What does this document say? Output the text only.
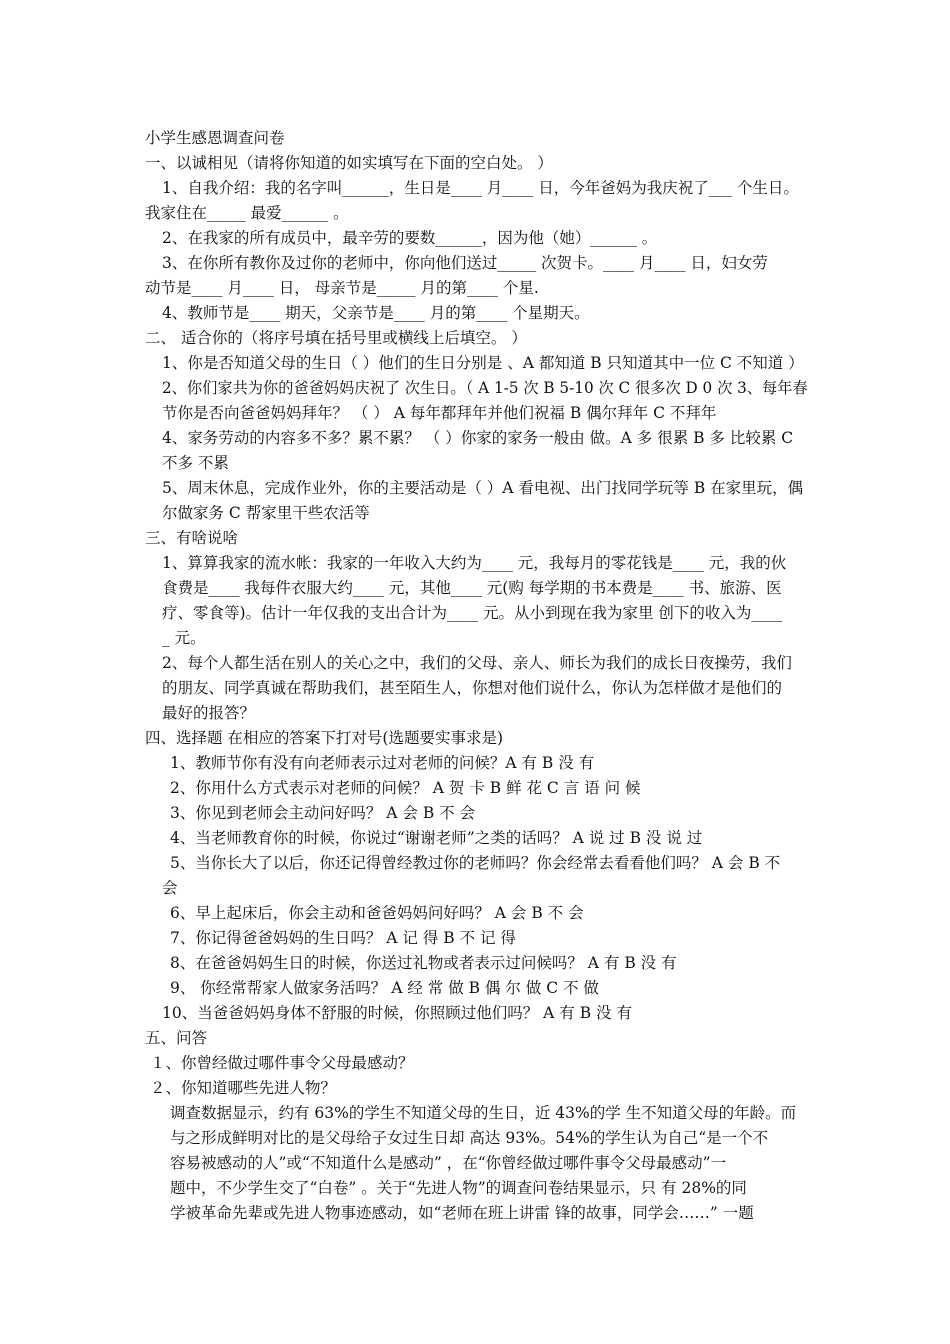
小学生感恩调查问卷
一、以诚相见（请将你知道的如实填写在下面的空白处。 ）
1、自我介绍：我的名字叫______，生日是____ 月____ 日，今年爸妈为我庆祝了___ 个生日。
我家住在_____ 最爱______ 。
2、在我家的所有成员中，最辛劳的要数______，因为他（她）______ 。
3、在你所有教你及过你的老师中，你向他们送过_____ 次贺卡。____ 月____ 日，妇女劳
动节是____ 月____ 日， 母亲节是_____ 月的第____ 个星.
4、教师节是____ 期天，父亲节是____ 月的第____ 个星期天。
二、 适合你的（将序号填在括号里或横线上后填空。 ）
1、你是否知道父母的生日（ ）他们的生日分别是 、A 都知道 B 只知道其中一位 C 不知道 ）
2、你们家共为你的爸爸妈妈庆祝了 次生日。（ A 1-5 次 B 5-10 次 C 很多次 D 0 次 3、每年春
节你是否向爸爸妈妈拜年？ （ ） A 每年都拜年并他们祝福 B 偶尔拜年 C 不拜年
4、家务劳动的内容多不多？累不累？ （ ）你家的家务一般由 做。A 多 很累 B 多 比较累 C
不多 不累
5、周末休息，完成作业外，你的主要活动是（ ）A 看电视、出门找同学玩等 B 在家里玩，偶
尔做家务 C 帮家里干些农活等
三、有啥说啥
1、算算我家的流水帐：我家的一年收入大约为____ 元，我每月的零花钱是____ 元，我的伙
食费是____ 我每件衣服大约____ 元，其他____ 元(购 每学期的书本费是____ 书、旅游、医
疗、零食等)。估计一年仅我的支出合计为____ 元。从小到现在我为家里 创下的收入为____
_ 元。
2、每个人都生活在别人的关心之中，我们的父母、亲人、师长为我们的成长日夜操劳，我们
的朋友、同学真诚在帮助我们，甚至陌生人，你想对他们说什么，你认为怎样做才是他们的
最好的报答？
四、选择题 在相应的答案下打对号(选题要实事求是)
1、教师节你有没有向老师表示过对老师的问候？A 有 B 没 有
2、你用什么方式表示对老师的问候？ A 贺 卡 B 鲜 花 C 言 语 问 候
3、你见到老师会主动问好吗？ A 会 B 不 会
4、当老师教育你的时候，你说过“谢谢老师”之类的话吗？ A 说 过 B 没 说 过
5、当你长大了以后，你还记得曾经教过你的老师吗？你会经常去看看他们吗？ A 会 B 不
会
6、早上起床后，你会主动和爸爸妈妈问好吗？ A 会 B 不 会
7、你记得爸爸妈妈的生日吗？ A 记 得 B 不 记 得
8、在爸爸妈妈生日的时候，你送过礼物或者表示过问候吗？ A 有 B 没 有
9、 你经常帮家人做家务活吗？ A 经 常 做 B 偶 尔 做 C 不 做
10、当爸爸妈妈身体不舒服的时候，你照顾过他们吗？ A 有 B 没 有
五、问答
１、你曾经做过哪件事令父母最感动？
２、你知道哪些先进人物？
调查数据显示，约有 63%的学生不知道父母的生日，近 43%的学 生不知道父母的年龄。而
与之形成鲜明对比的是父母给子女过生日却 高达 93%。54%的学生认为自己“是一个不
容易被感动的人”或“不知道什么是感动” ，在“你曾经做过哪件事令父母最感动”一
题中，不少学生交了“白卷” 。关于“先进人物”的调查问卷结果显示，只 有 28%的同
学被革命先辈或先进人物事迹感动，如“老师在班上讲雷 锋的故事，同学会……” 一题
